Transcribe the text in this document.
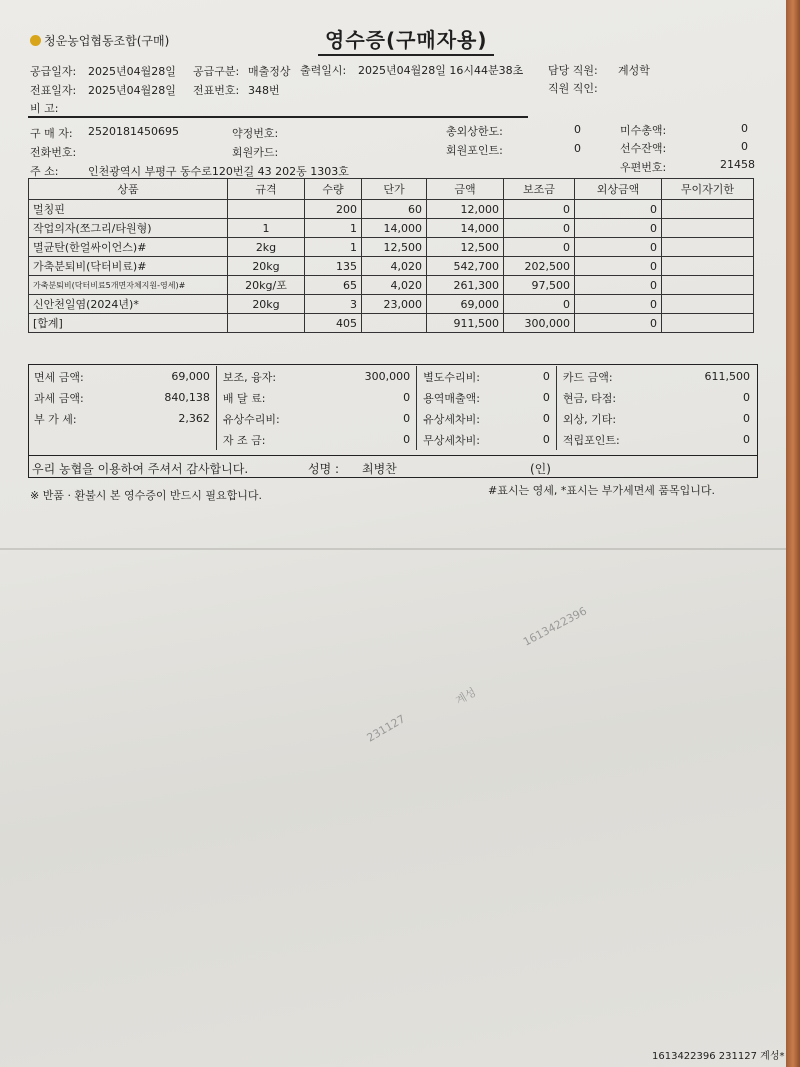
청운농업협동조합(구매)	영수증(구매자용)
공급일자: 2025년04월28일 공급구분: 매출정상 출력일시: 2025년04월28일 16시44분38초 담당 직원: 계성학
전표일자: 2025년04월28일 전표번호: 348번	직원 직인:
비 고:
구 매 자: 2520181450695	약정번호:	총외상한도:	0	미수총액:	0
전화번호:	회원카드:	회원포인트:	0	선수잔액:	0
주 소:	인천광역시 부평구 동수로120번길 43 202동 1303호	우편번호:	21458
상품	규격	수량	단가	금액	보조금	외상금액	무이자기한
멀칭핀		200	60	12,000	0	0	
작업의자(쪼그리/타원형)	1	1	14,000	14,000	0	0	
멸균탄(한얼싸이언스)#	2kg	1	12,500	12,500	0	0	
가축분퇴비(닥터비료)#	20kg	135	4,020	542,700	202,500	0	
가축분퇴비(닥터비료5개면자체지원-영세)#	20kg/포	65	4,020	261,300	97,500	0	
신안천일염(2024년)*	20kg	3	23,000	69,000	0	0	
[합계]		405		911,500	300,000	0	
면세 금액:	69,000	보조, 융자:	300,000	별도수리비:	0	카드 금액:	611,500
과세 금액:	840,138	배 달 료:	0	용역매출액:	0	현금, 타점:	0
부 가 세:	2,362	유상수리비:	0	유상세차비:	0	외상, 기타:	0
		자 조 금:	0	무상세차비:	0	적립포인트:	0
우리 농협을 이용하여 주셔서 감사합니다.	성명 : 최병찬	(인)
※ 반품 · 환불시 본 영수증이 반드시 필요합니다.	#표시는 영세, *표시는 부가세면세 품목입니다.
1613422396
계성
231127
1613422396 231127 계성*
